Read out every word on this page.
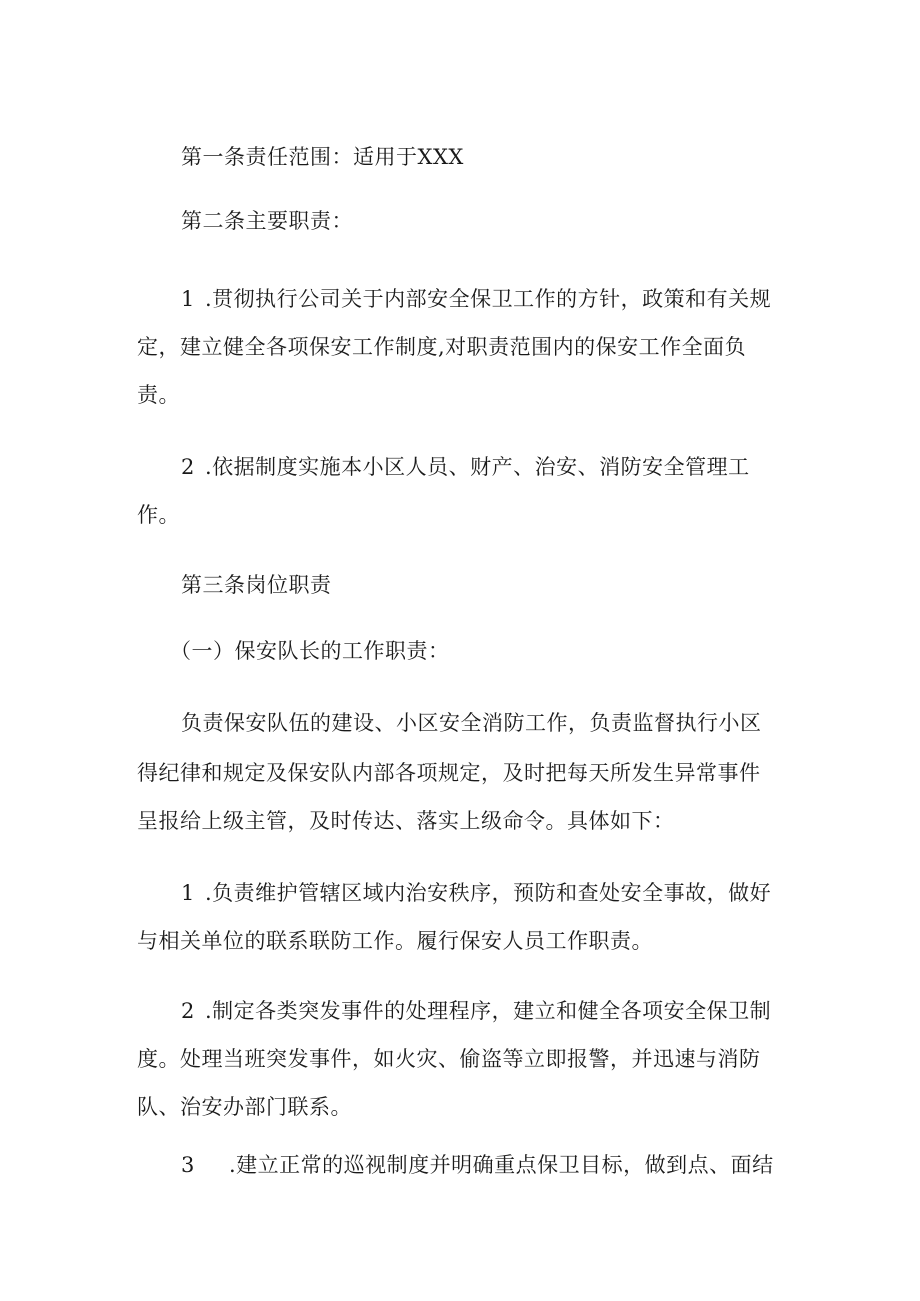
第一条责任范围：适用于XXX
第二条主要职责：
1 .贯彻执行公司关于内部安全保卫工作的方针，政策和有关规
定，建立健全各项保安工作制度,对职责范围内的保安工作全面负
责。
2 .依据制度实施本小区人员、财产、治安、消防安全管理工
作。
第三条岗位职责
（一）保安队长的工作职责：
负责保安队伍的建设、小区安全消防工作，负责监督执行小区
得纪律和规定及保安队内部各项规定，及时把每天所发生异常事件
呈报给上级主管，及时传达、落实上级命令。具体如下：
1 .负责维护管辖区域内治安秩序，预防和查处安全事故，做好
与相关单位的联系联防工作。履行保安人员工作职责。
2 .制定各类突发事件的处理程序，建立和健全各项安全保卫制
度。处理当班突发事件，如火灾、偷盗等立即报警，并迅速与消防
队、治安办部门联系。
3 .建立正常的巡视制度并明确重点保卫目标，做到点、面结
